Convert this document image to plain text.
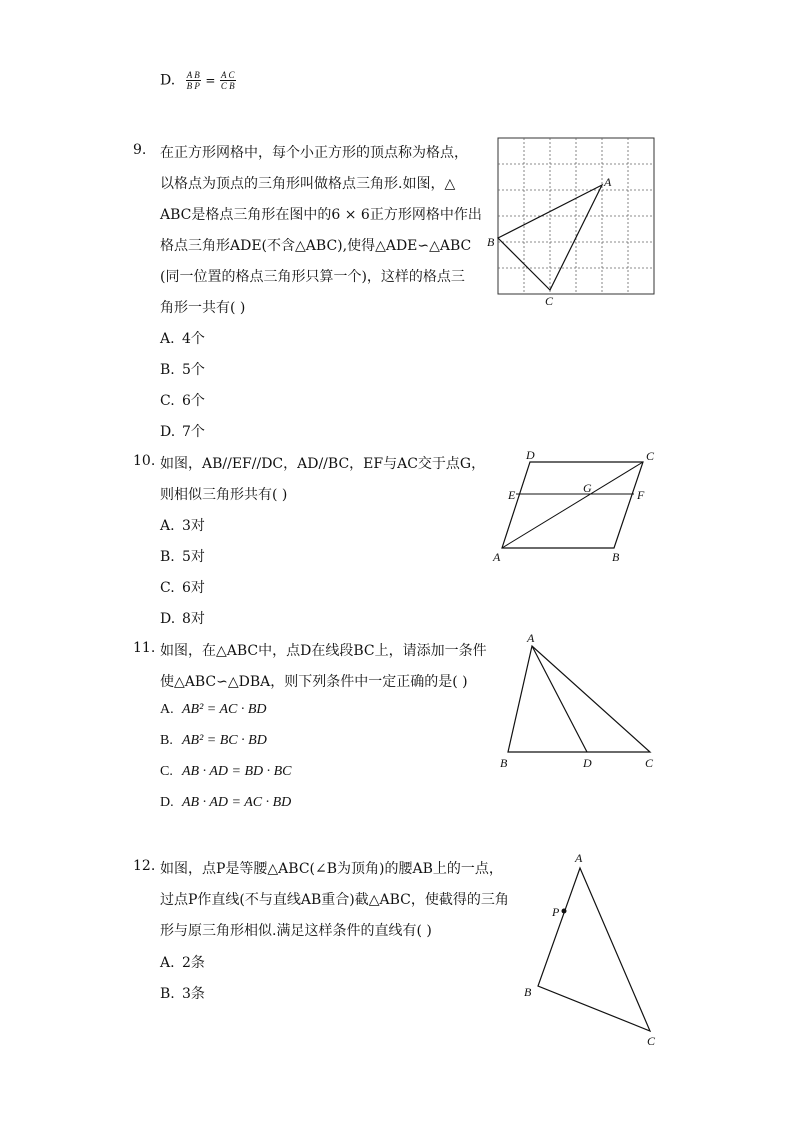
D. $\frac{\text{A B}}{\text{B P}} = \frac{\text{A C}}{\text{C B}}$
9. 在正方形网格中，每个小正方形的顶点称为格点，
以格点为顶点的三角形叫做格点三角形.如图，△
ABC是格点三角形在图中的6 × 6正方形网格中作出
格点三角形ADE(不含△ABC),使得△ADE∽△ABC
(同一位置的格点三角形只算一个)，这样的格点三
角形一共有( )
A. 4个
B. 5个
C. 6个
D. 7个
A
B
C
10. 如图，AB//EF//DC，AD//BC，EF与AC交于点G，
则相似三角形共有( )
A. 3对
B. 5对
C. 6对
D. 8对
D	C
E	G	F
A	B
11. 如图，在△ABC中，点D在线段BC上，请添加一条件
使△ABC∽△DBA，则下列条件中一定正确的是( )
A. AB² = AC · BD
B. AB² = BC · BD
C. AB · AD = BD · BC
D. AB · AD = AC · BD
A
B	D	C
12. 如图，点P是等腰△ABC(∠B为顶角)的腰AB上的一点，
过点P作直线(不与直线AB重合)截△ABC，使截得的三角
形与原三角形相似.满足这样条件的直线有( )
A. 2条
B. 3条
A
P
B
C
